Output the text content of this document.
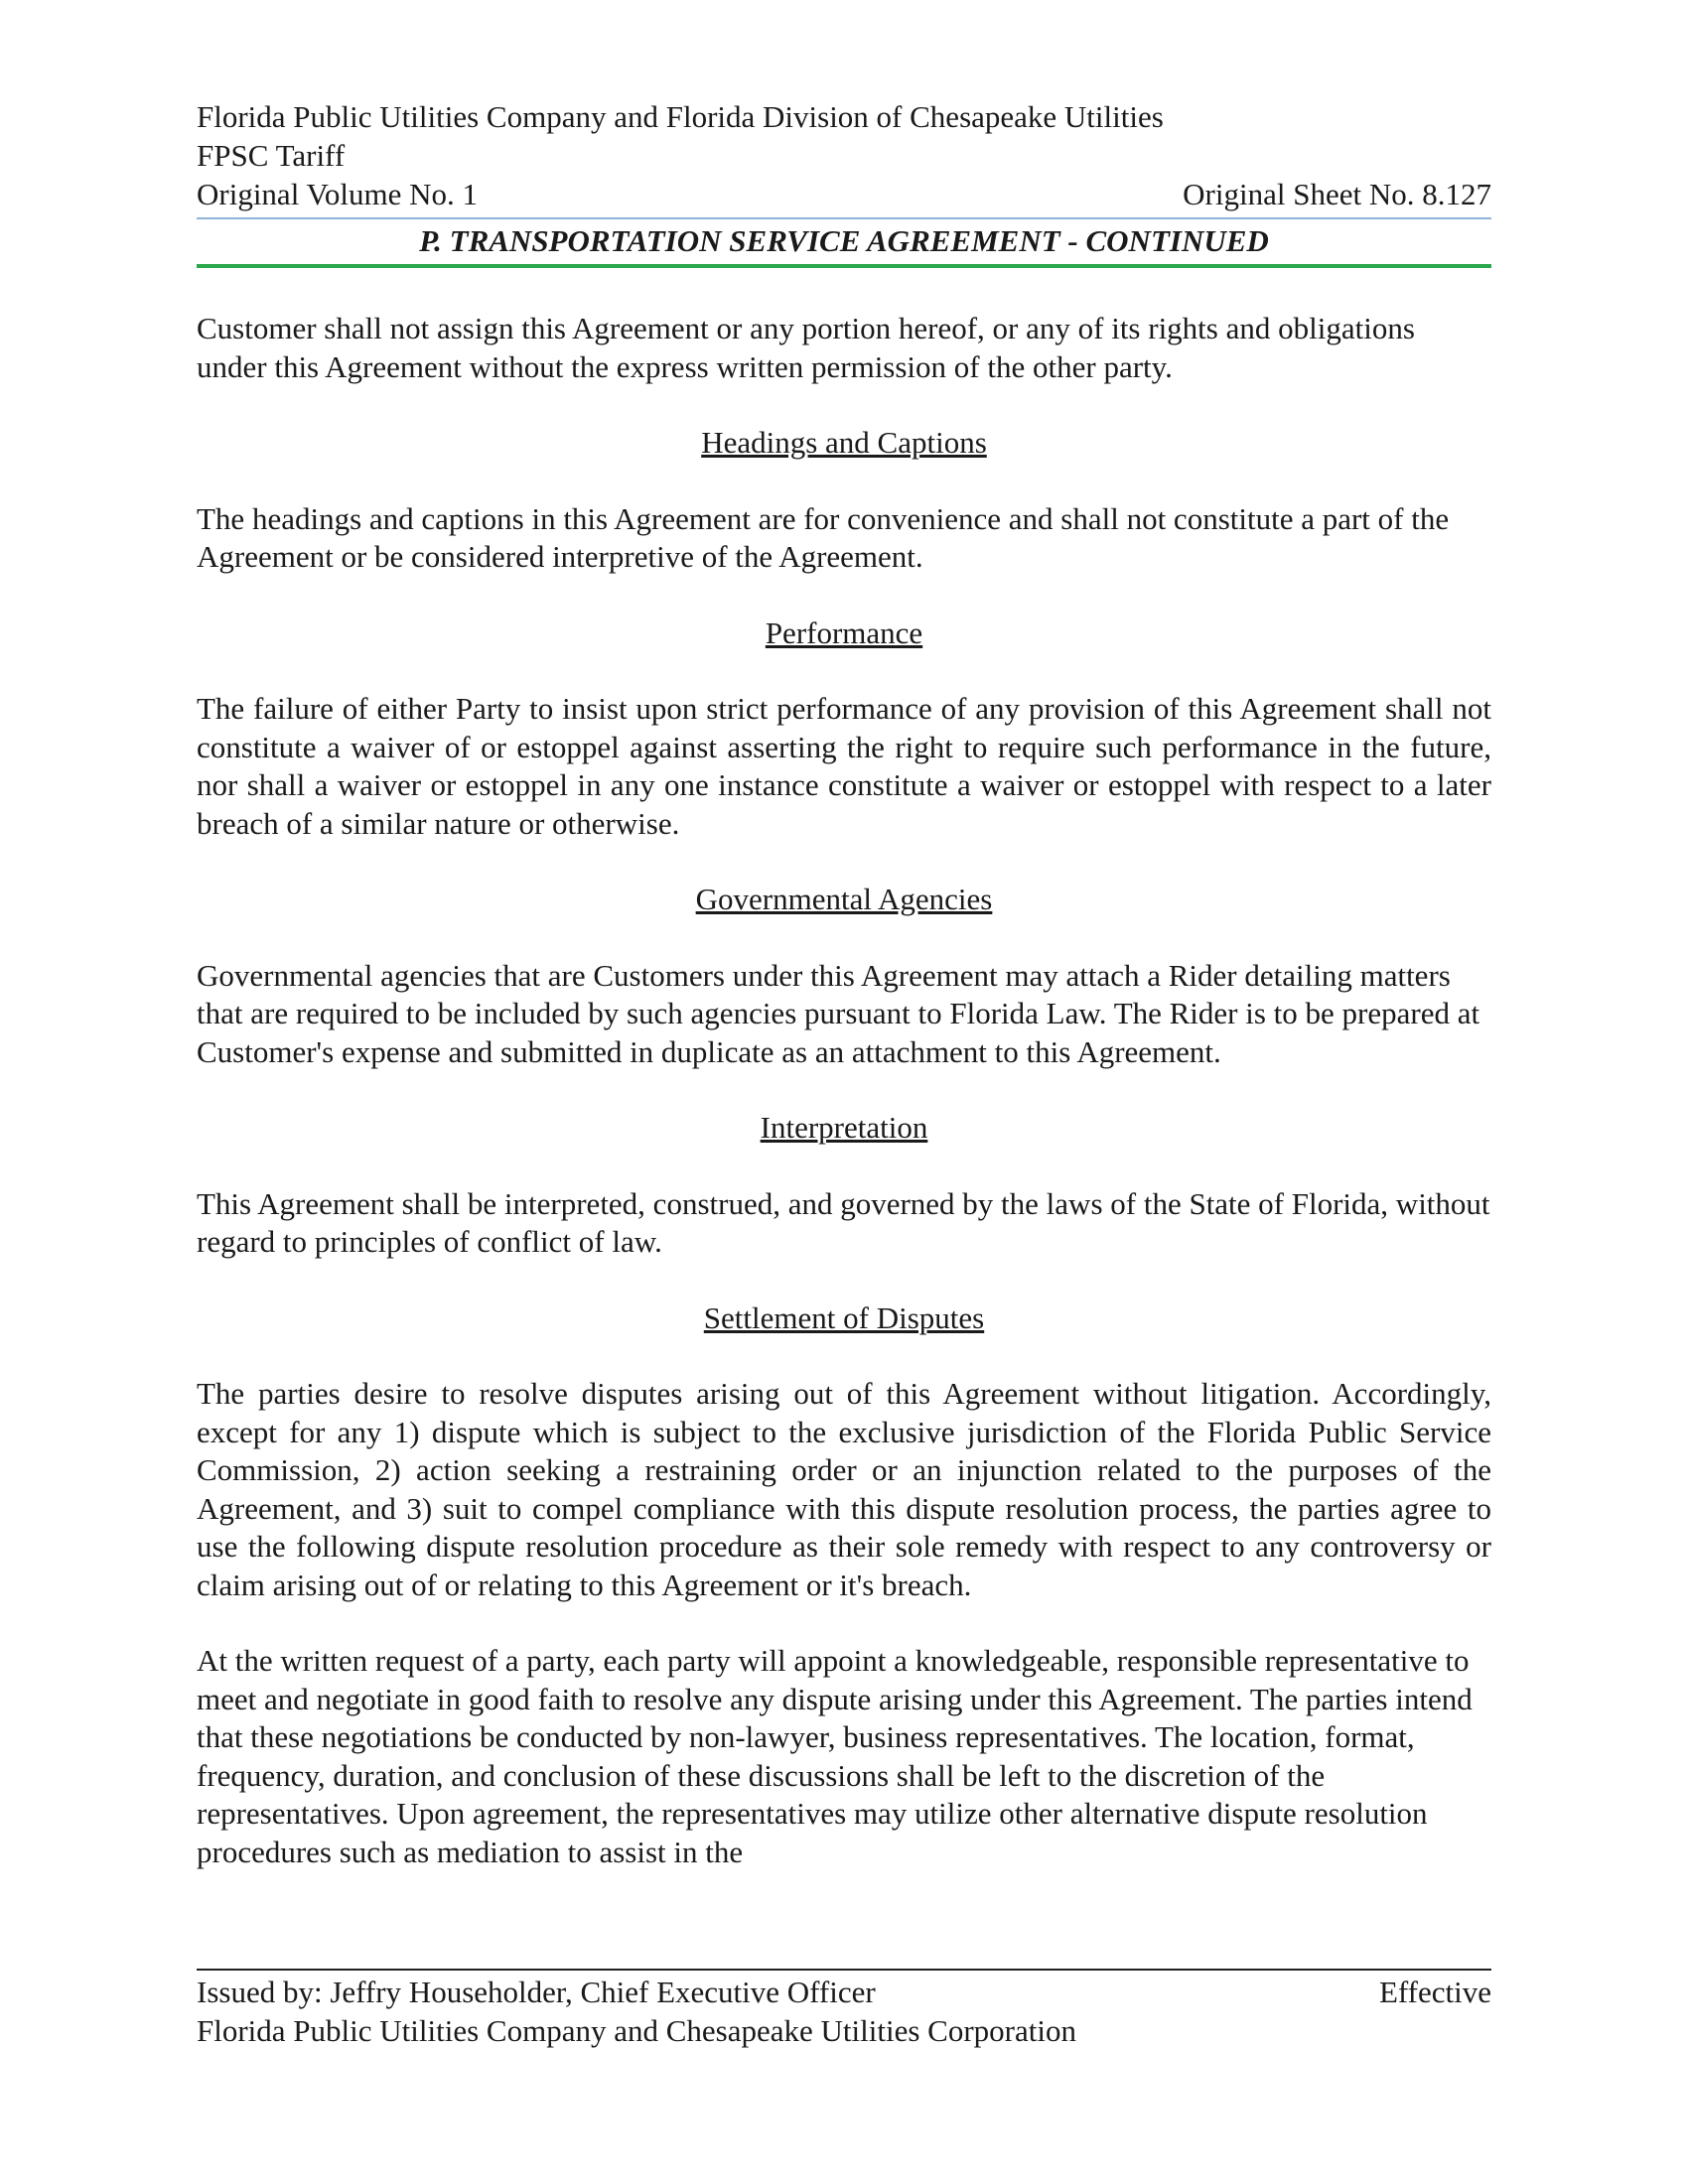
Florida Public Utilities Company and Florida Division of Chesapeake Utilities
FPSC Tariff
Original Volume No. 1	Original Sheet No. 8.127
P. TRANSPORTATION SERVICE AGREEMENT - CONTINUED

Customer shall not assign this Agreement or any portion hereof, or any of its rights and obligations under this Agreement without the express written permission of the other party.

Headings and Captions

The headings and captions in this Agreement are for convenience and shall not constitute a part of the Agreement or be considered interpretive of the Agreement.

Performance

The failure of either Party to insist upon strict performance of any provision of this Agreement shall not constitute a waiver of or estoppel against asserting the right to require such performance in the future, nor shall a waiver or estoppel in any one instance constitute a waiver or estoppel with respect to a later breach of a similar nature or otherwise.

Governmental Agencies

Governmental agencies that are Customers under this Agreement may attach a Rider detailing matters that are required to be included by such agencies pursuant to Florida Law. The Rider is to be prepared at Customer's expense and submitted in duplicate as an attachment to this Agreement.

Interpretation

This Agreement shall be interpreted, construed, and governed by the laws of the State of Florida, without regard to principles of conflict of law.

Settlement of Disputes

The parties desire to resolve disputes arising out of this Agreement without litigation. Accordingly, except for any 1) dispute which is subject to the exclusive jurisdiction of the Florida Public Service Commission, 2) action seeking a restraining order or an injunction related to the purposes of the Agreement, and 3) suit to compel compliance with this dispute resolution process, the parties agree to use the following dispute resolution procedure as their sole remedy with respect to any controversy or claim arising out of or relating to this Agreement or it's breach.

At the written request of a party, each party will appoint a knowledgeable, responsible representative to meet and negotiate in good faith to resolve any dispute arising under this Agreement. The parties intend that these negotiations be conducted by non-lawyer, business representatives. The location, format, frequency, duration, and conclusion of these discussions shall be left to the discretion of the representatives. Upon agreement, the representatives may utilize other alternative dispute resolution procedures such as mediation to assist in the

Issued by: Jeffry Householder, Chief Executive Officer	Effective
Florida Public Utilities Company and Chesapeake Utilities Corporation
